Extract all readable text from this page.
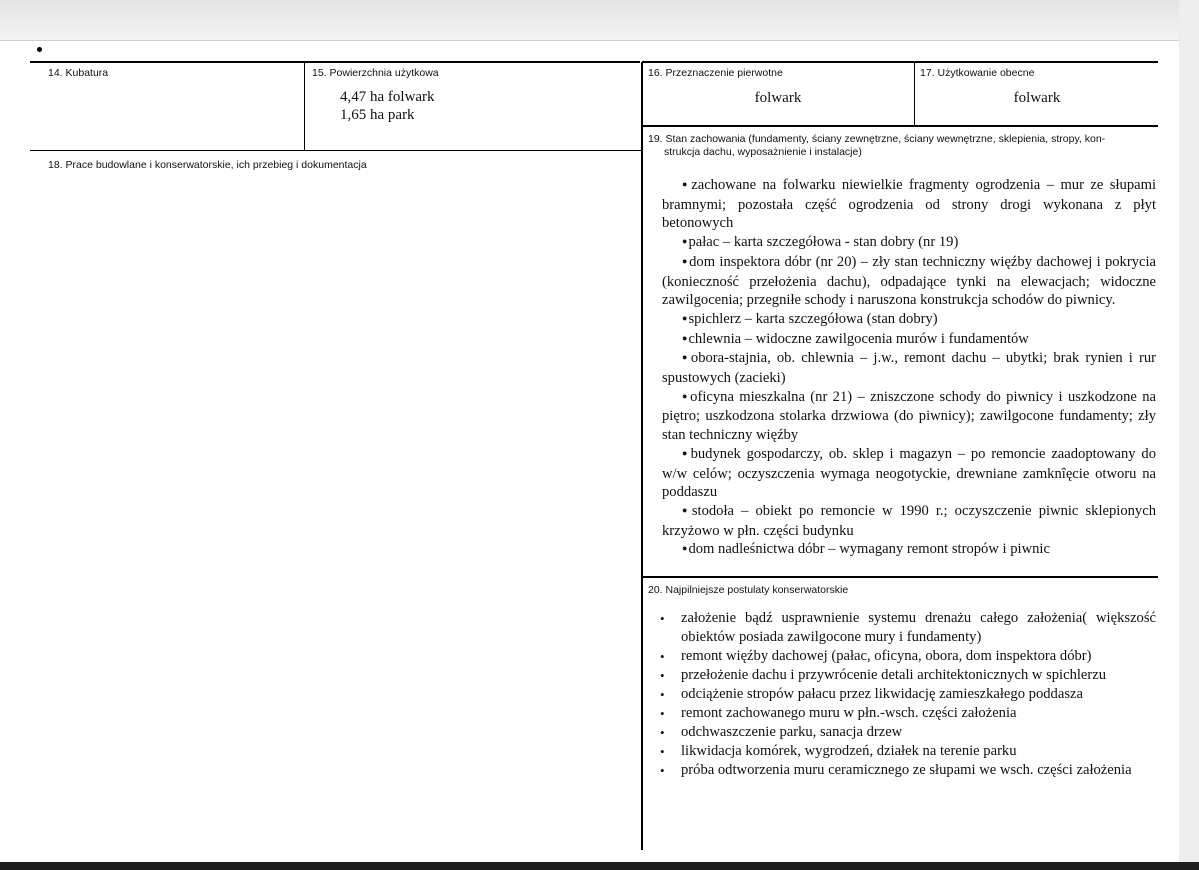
14. Kubatura	15. Powierzchnia użytkowa
4,47 ha folwark
1,65 ha park
16. Przeznaczenie pierwotne
folwark
17. Użytkowanie obecne
folwark
18. Prace budowlane i konserwatorskie, ich przebieg i dokumentacja
19. Stan zachowania (fundamenty, ściany zewnętrzne, ściany wewnętrzne, sklepienia, stropy, kon-
strukcja dachu, wyposażnienie i instalacje)

●zachowane na folwarku niewielkie fragmenty ogrodzenia – mur ze słupami bramnymi; pozostała część ogrodzenia od strony drogi wykonana z płyt betonowych

●pałac – karta szczegółowa - stan dobry (nr 19)

●dom inspektora dóbr (nr 20) – zły stan techniczny więźby dachowej i pokrycia (konieczność przełożenia dachu), odpadające tynki na elewacjach; widoczne zawilgocenia; przegniłe schody i naruszona konstrukcja schodów do piwnicy.

●spichlerz – karta szczegółowa (stan dobry)

●chlewnia – widoczne zawilgocenia murów i fundamentów

●obora-stajnia, ob. chlewnia – j.w., remont dachu – ubytki; brak rynien i rur spustowych (zacieki)

●oficyna mieszkalna (nr 21) – zniszczone schody do piwnicy i uszkodzone na piętro; uszkodzona stolarka drzwiowa (do piwnicy); zawilgocone fundamenty; zły stan techniczny więźby

●budynek gospodarczy, ob. sklep i magazyn – po remoncie zaadoptowany do w/w celów; oczyszczenia wymaga neogotyckie, drewniane zamknîęcie otworu na poddaszu

●stodoła – obiekt po remoncie w 1990 r.; oczyszczenie piwnic sklepionych krzyżowo w płn. części budynku

●dom nadleśnictwa dóbr – wymagany remont stropów i piwnic

20. Najpilniejsze postulaty konserwatorskie
• założenie bądź usprawnienie systemu drenażu całego założenia( większość obiektów posiada zawilgocone mury i fundamenty)
• remont więźby dachowej (pałac, oficyna, obora, dom inspektora dóbr)
• przełożenie dachu i przywrócenie detali architektonicznych w spichlerzu
• odciążenie stropów pałacu przez likwidację zamieszkałego poddasza
• remont zachowanego muru w płn.-wsch. części założenia
• odchwaszczenie parku, sanacja drzew
• likwidacja komórek, wygrodzeń, działek na terenie parku
• próba odtworzenia muru ceramicznego ze słupami we wsch. części założenia
